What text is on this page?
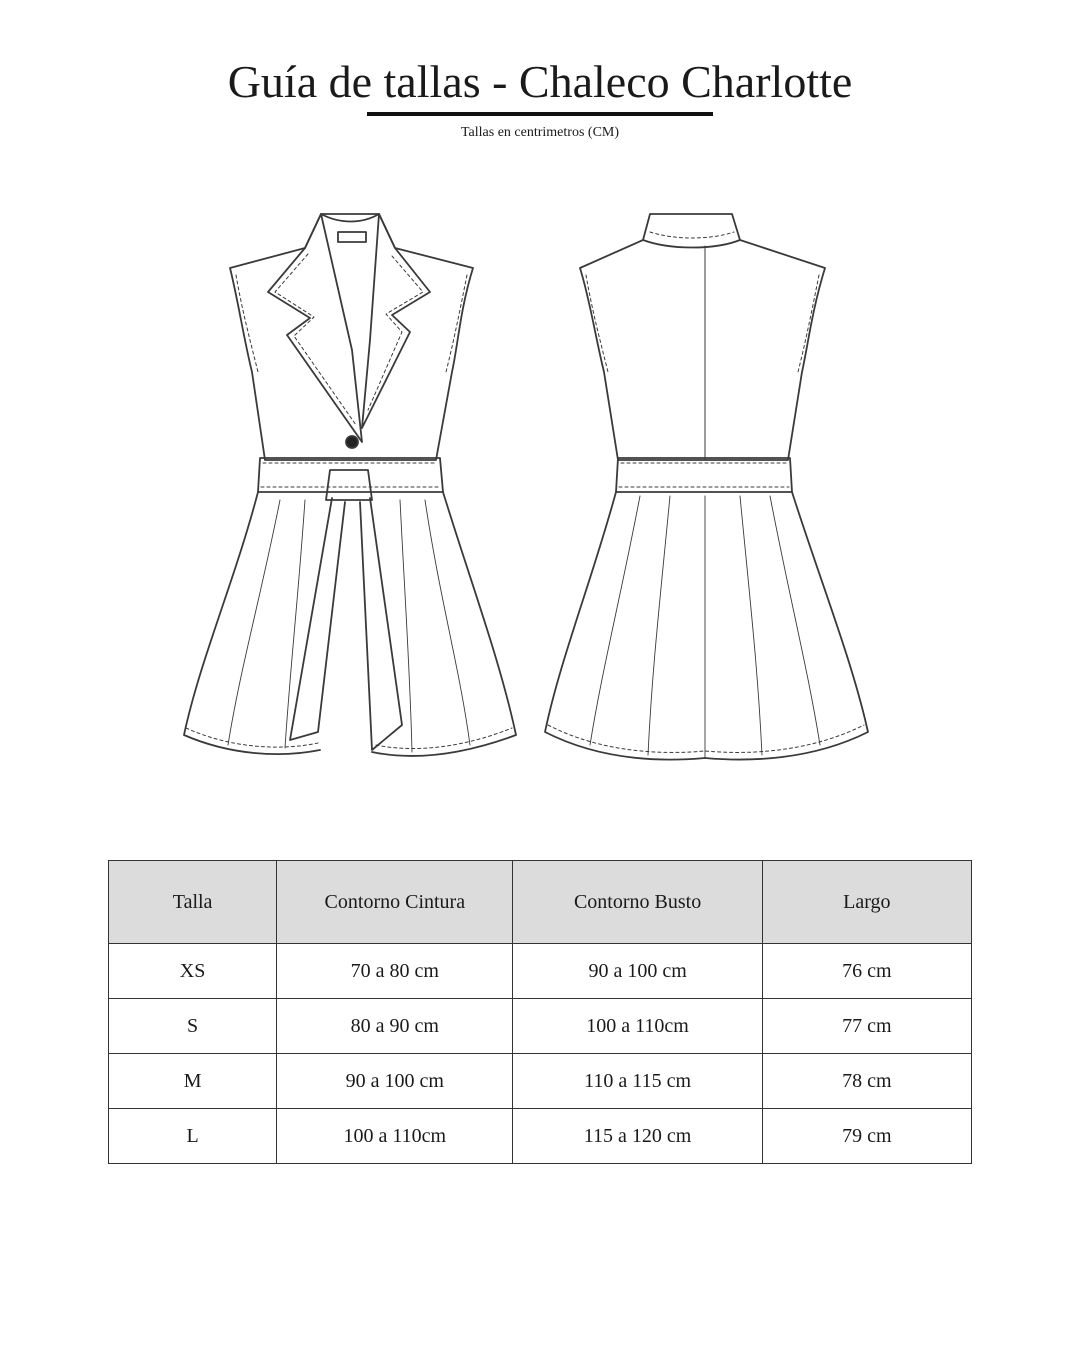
Guía de tallas - Chaleco Charlotte
Tallas en centrimetros (CM)
Talla	Contorno Cintura	Contorno Busto	Largo
XS	70 a 80 cm	90 a 100 cm	76 cm
S	80 a 90 cm	100 a 110cm	77 cm
M	90 a 100 cm	110 a 115 cm	78 cm
L	100 a 110cm	115 a 120 cm	79 cm
